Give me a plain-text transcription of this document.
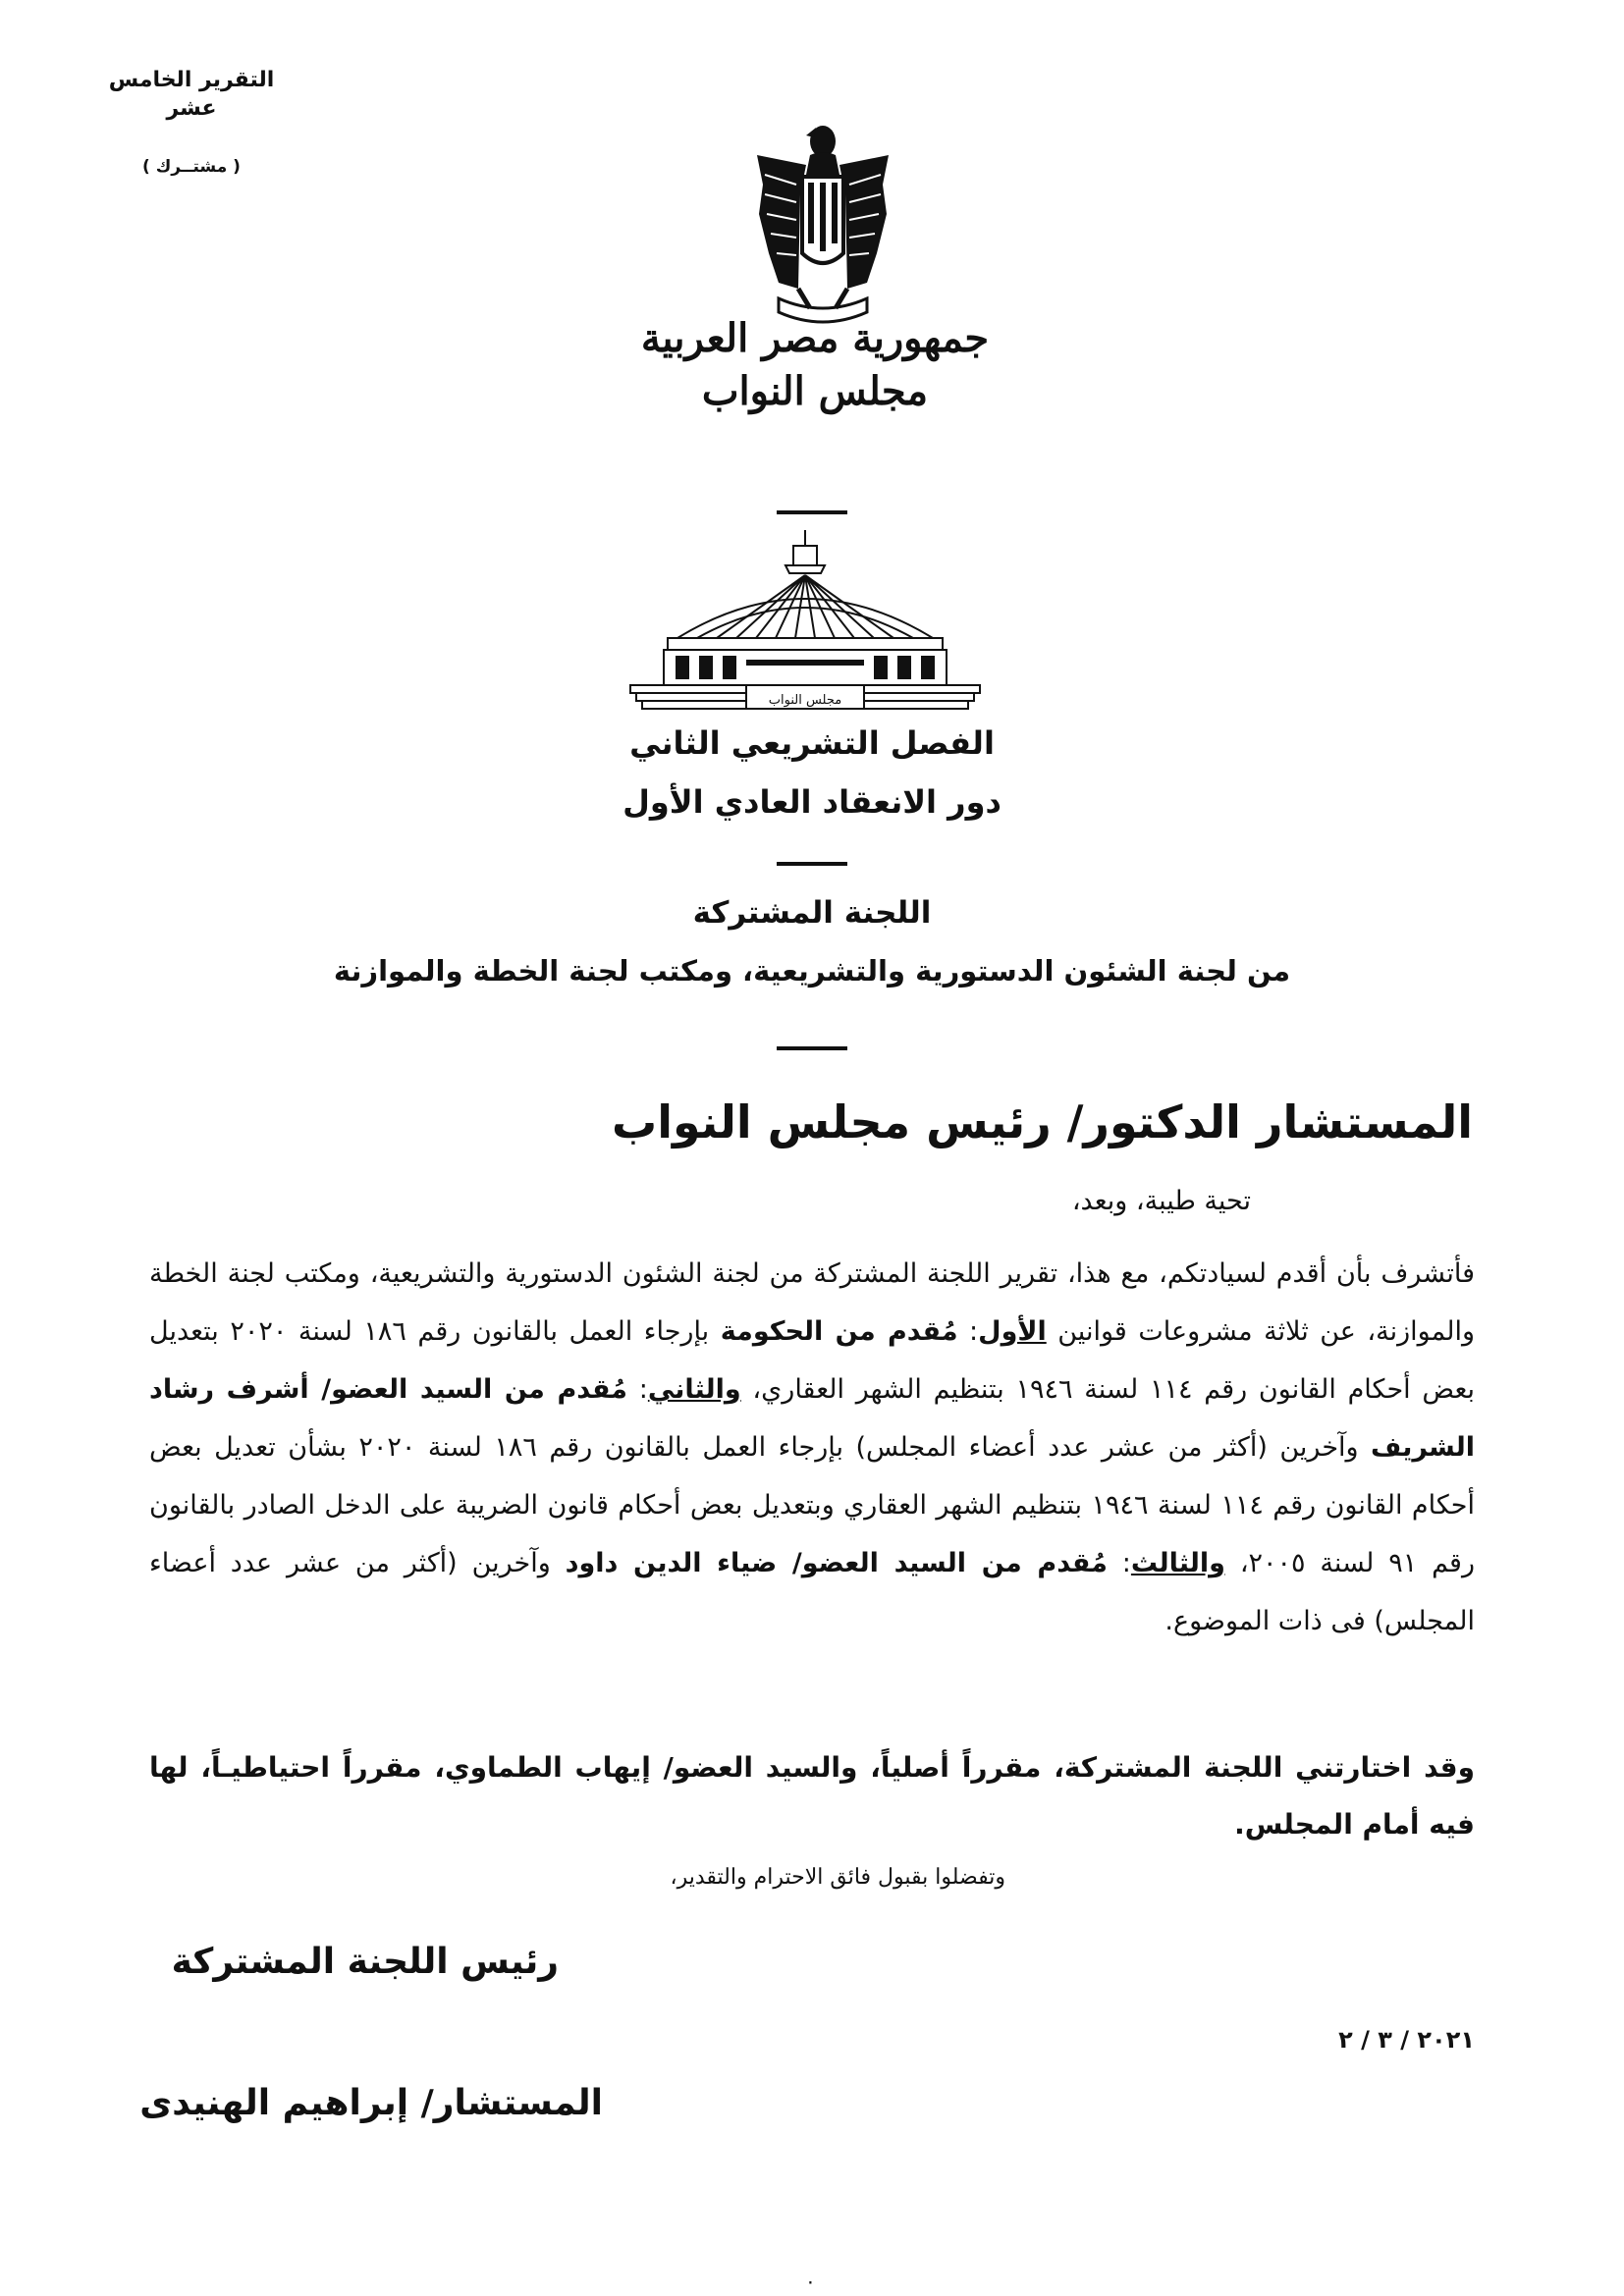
التقرير الخامس عشر
( مشتــرك )
جمهورية مصر العربية
مجلس النواب
مجلس النواب
الفصل التشريعي الثاني
دور الانعقاد العادي الأول
اللجنة المشتركة
من لجنة الشئون الدستورية والتشريعية، ومكتب لجنة الخطة والموازنة
المستشار الدكتور/ رئيس مجلس النواب
تحية طيبة، وبعد،
فأتشرف بأن أقدم لسيادتكم، مع هذا، تقرير اللجنة المشتركة من لجنة الشئون الدستورية والتشريعية، ومكتب لجنة الخطة والموازنة، عن ثلاثة مشروعات قوانين الأول: مُقدم من الحكومة بإرجاء العمل بالقانون رقم ١٨٦ لسنة ٢٠٢٠ بتعديل بعض أحكام القانون رقم ١١٤ لسنة ١٩٤٦ بتنظيم الشهر العقاري، والثاني: مُقدم من السيد العضو/ أشرف رشاد الشريف وآخرين (أكثر من عشر عدد أعضاء المجلس) بإرجاء العمل بالقانون رقم ١٨٦ لسنة ٢٠٢٠ بشأن تعديل بعض أحكام القانون رقم ١١٤ لسنة ١٩٤٦ بتنظيم الشهر العقاري وبتعديل بعض أحكام قانون الضريبة على الدخل الصادر بالقانون رقم ٩١ لسنة ٢٠٠٥، والثالث: مُقدم من السيد العضو/ ضياء الدين داود وآخرين (أكثر من عشر عدد أعضاء المجلس) فى ذات الموضوع.
وقد اختارتني اللجنة المشتركة، مقرراً أصلياً، والسيد العضو/ إيهاب الطماوي، مقرراً احتياطيـاً، لها فيه أمام المجلس.
وتفضلوا بقبول فائق الاحترام والتقدير،
رئيس اللجنة المشتركة
٢٠٢١ / ٣ / ٢
المستشار/ إبراهيم الهنيدى
٠
